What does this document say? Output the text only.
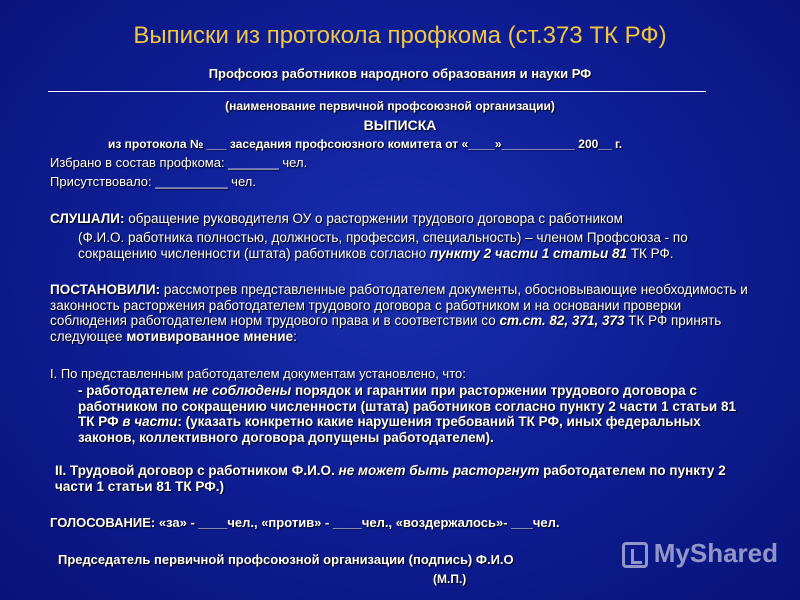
Выписки из протокола профкома (ст.373 ТК РФ)
Профсоюз работников народного образования и науки РФ
(наименование первичной профсоюзной организации)
ВЫПИСКА
из протокола № ___ заседания профсоюзного комитета от «____»___________ 200__ г.
Избрано в состав профкома: _______ чел.
Присутствовало: __________ чел.
СЛУШАЛИ: обращение руководителя ОУ о расторжении трудового договора с работником
(Ф.И.О. работника полностью, должность, профессия, специальность) – членом Профсоюза - по сокращению численности (штата) работников согласно пункту 2 части 1 статьи 81 ТК РФ.
ПОСТАНОВИЛИ: рассмотрев представленные работодателем документы, обосновывающие необходимость и законность расторжения работодателем трудового договора с работником и на основании проверки соблюдения работодателем норм трудового права и в соответствии со ст.ст. 82, 371, 373 ТК РФ принять следующее мотивированное мнение:
I. По представленным работодателем документам установлено, что:
- работодателем не соблюдены порядок и гарантии при расторжении трудового договора с работником по сокращению численности (штата) работников согласно пункту 2 части 1 статьи 81 ТК РФ в части: (указать конкретно какие нарушения требований ТК РФ, иных федеральных законов, коллективного договора допущены работодателем).
II. Трудовой договор с работником Ф.И.О. не может быть расторгнут работодателем по пункту 2 части 1 статьи 81 ТК РФ.)
ГОЛОСОВАНИЕ: «за» - ____чел., «против» - ____чел., «воздержалось»- ___чел.
Председатель первичной профсоюзной организации (подпись) Ф.И.О
(М.П.)
MyShared
